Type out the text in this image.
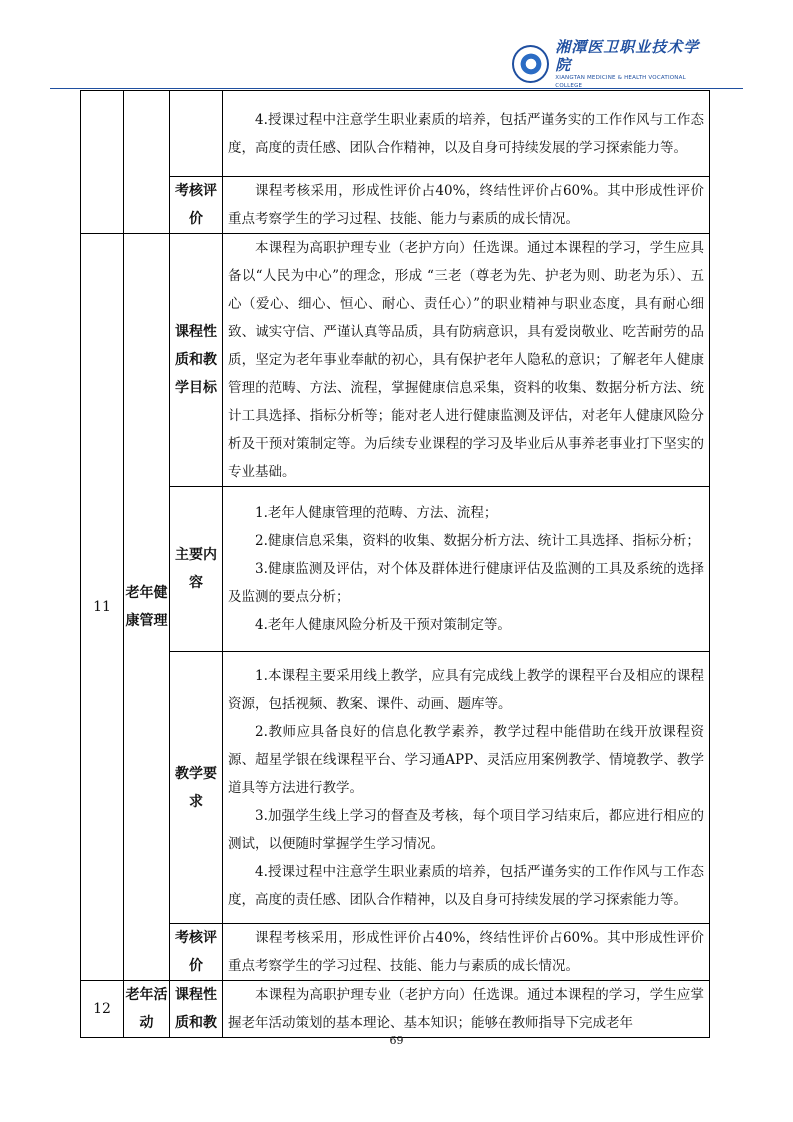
湘潭医卫职业技术学院
XIANGTAN MEDICINE & HEALTH VOCATIONAL COLLEGE

			4.授课过程中注意学生职业素质的培养，包括严谨务实的工作作风与工作态度，高度的责任感、团队合作精神，以及自身可持续发展的学习探索能力等。

		考核评价	课程考核采用，形成性评价占40%，终结性评价占60%。其中形成性评价重点考察学生的学习过程、技能、能力与素质的成长情况。

11	老年健康管理	课程性质和教学目标	本课程为高职护理专业（老护方向）任选课。通过本课程的学习，学生应具备以“人民为中心”的理念，形成 “三老（尊老为先、护老为则、助老为乐）、五心（爱心、细心、恒心、耐心、责任心）”的职业精神与职业态度，具有耐心细致、诚实守信、严谨认真等品质，具有防病意识，具有爱岗敬业、吃苦耐劳的品质，坚定为老年事业奉献的初心，具有保护老年人隐私的意识；了解老年人健康管理的范畴、方法、流程，掌握健康信息采集，资料的收集、数据分析方法、统计工具选择、指标分析等；能对老人进行健康监测及评估，对老年人健康风险分析及干预对策制定等。为后续专业课程的学习及毕业后从事养老事业打下坚实的专业基础。

		主要内容	1.老年人健康管理的范畴、方法、流程；

2.健康信息采集，资料的收集、数据分析方法、统计工具选择、指标分析；

3.健康监测及评估，对个体及群体进行健康评估及监测的工具及系统的选择及监测的要点分析；

4.老年人健康风险分析及干预对策制定等。

		教学要求	1.本课程主要采用线上教学，应具有完成线上教学的课程平台及相应的课程资源，包括视频、教案、课件、动画、题库等。

2.教师应具备良好的信息化教学素养，教学过程中能借助在线开放课程资源、超星学银在线课程平台、学习通APP、灵活应用案例教学、情境教学、教学道具等方法进行教学。

3.加强学生线上学习的督查及考核，每个项目学习结束后，都应进行相应的测试，以便随时掌握学生学习情况。

4.授课过程中注意学生职业素质的培养，包括严谨务实的工作作风与工作态度，高度的责任感、团队合作精神，以及自身可持续发展的学习探索能力等。

		考核评价	课程考核采用，形成性评价占40%，终结性评价占60%。其中形成性评价重点考察学生的学习过程、技能、能力与素质的成长情况。

12	老年活动	课程性质和教	本课程为高职护理专业（老护方向）任选课。通过本课程的学习，学生应掌握老年活动策划的基本理论、基本知识；能够在教师指导下完成老年

69
